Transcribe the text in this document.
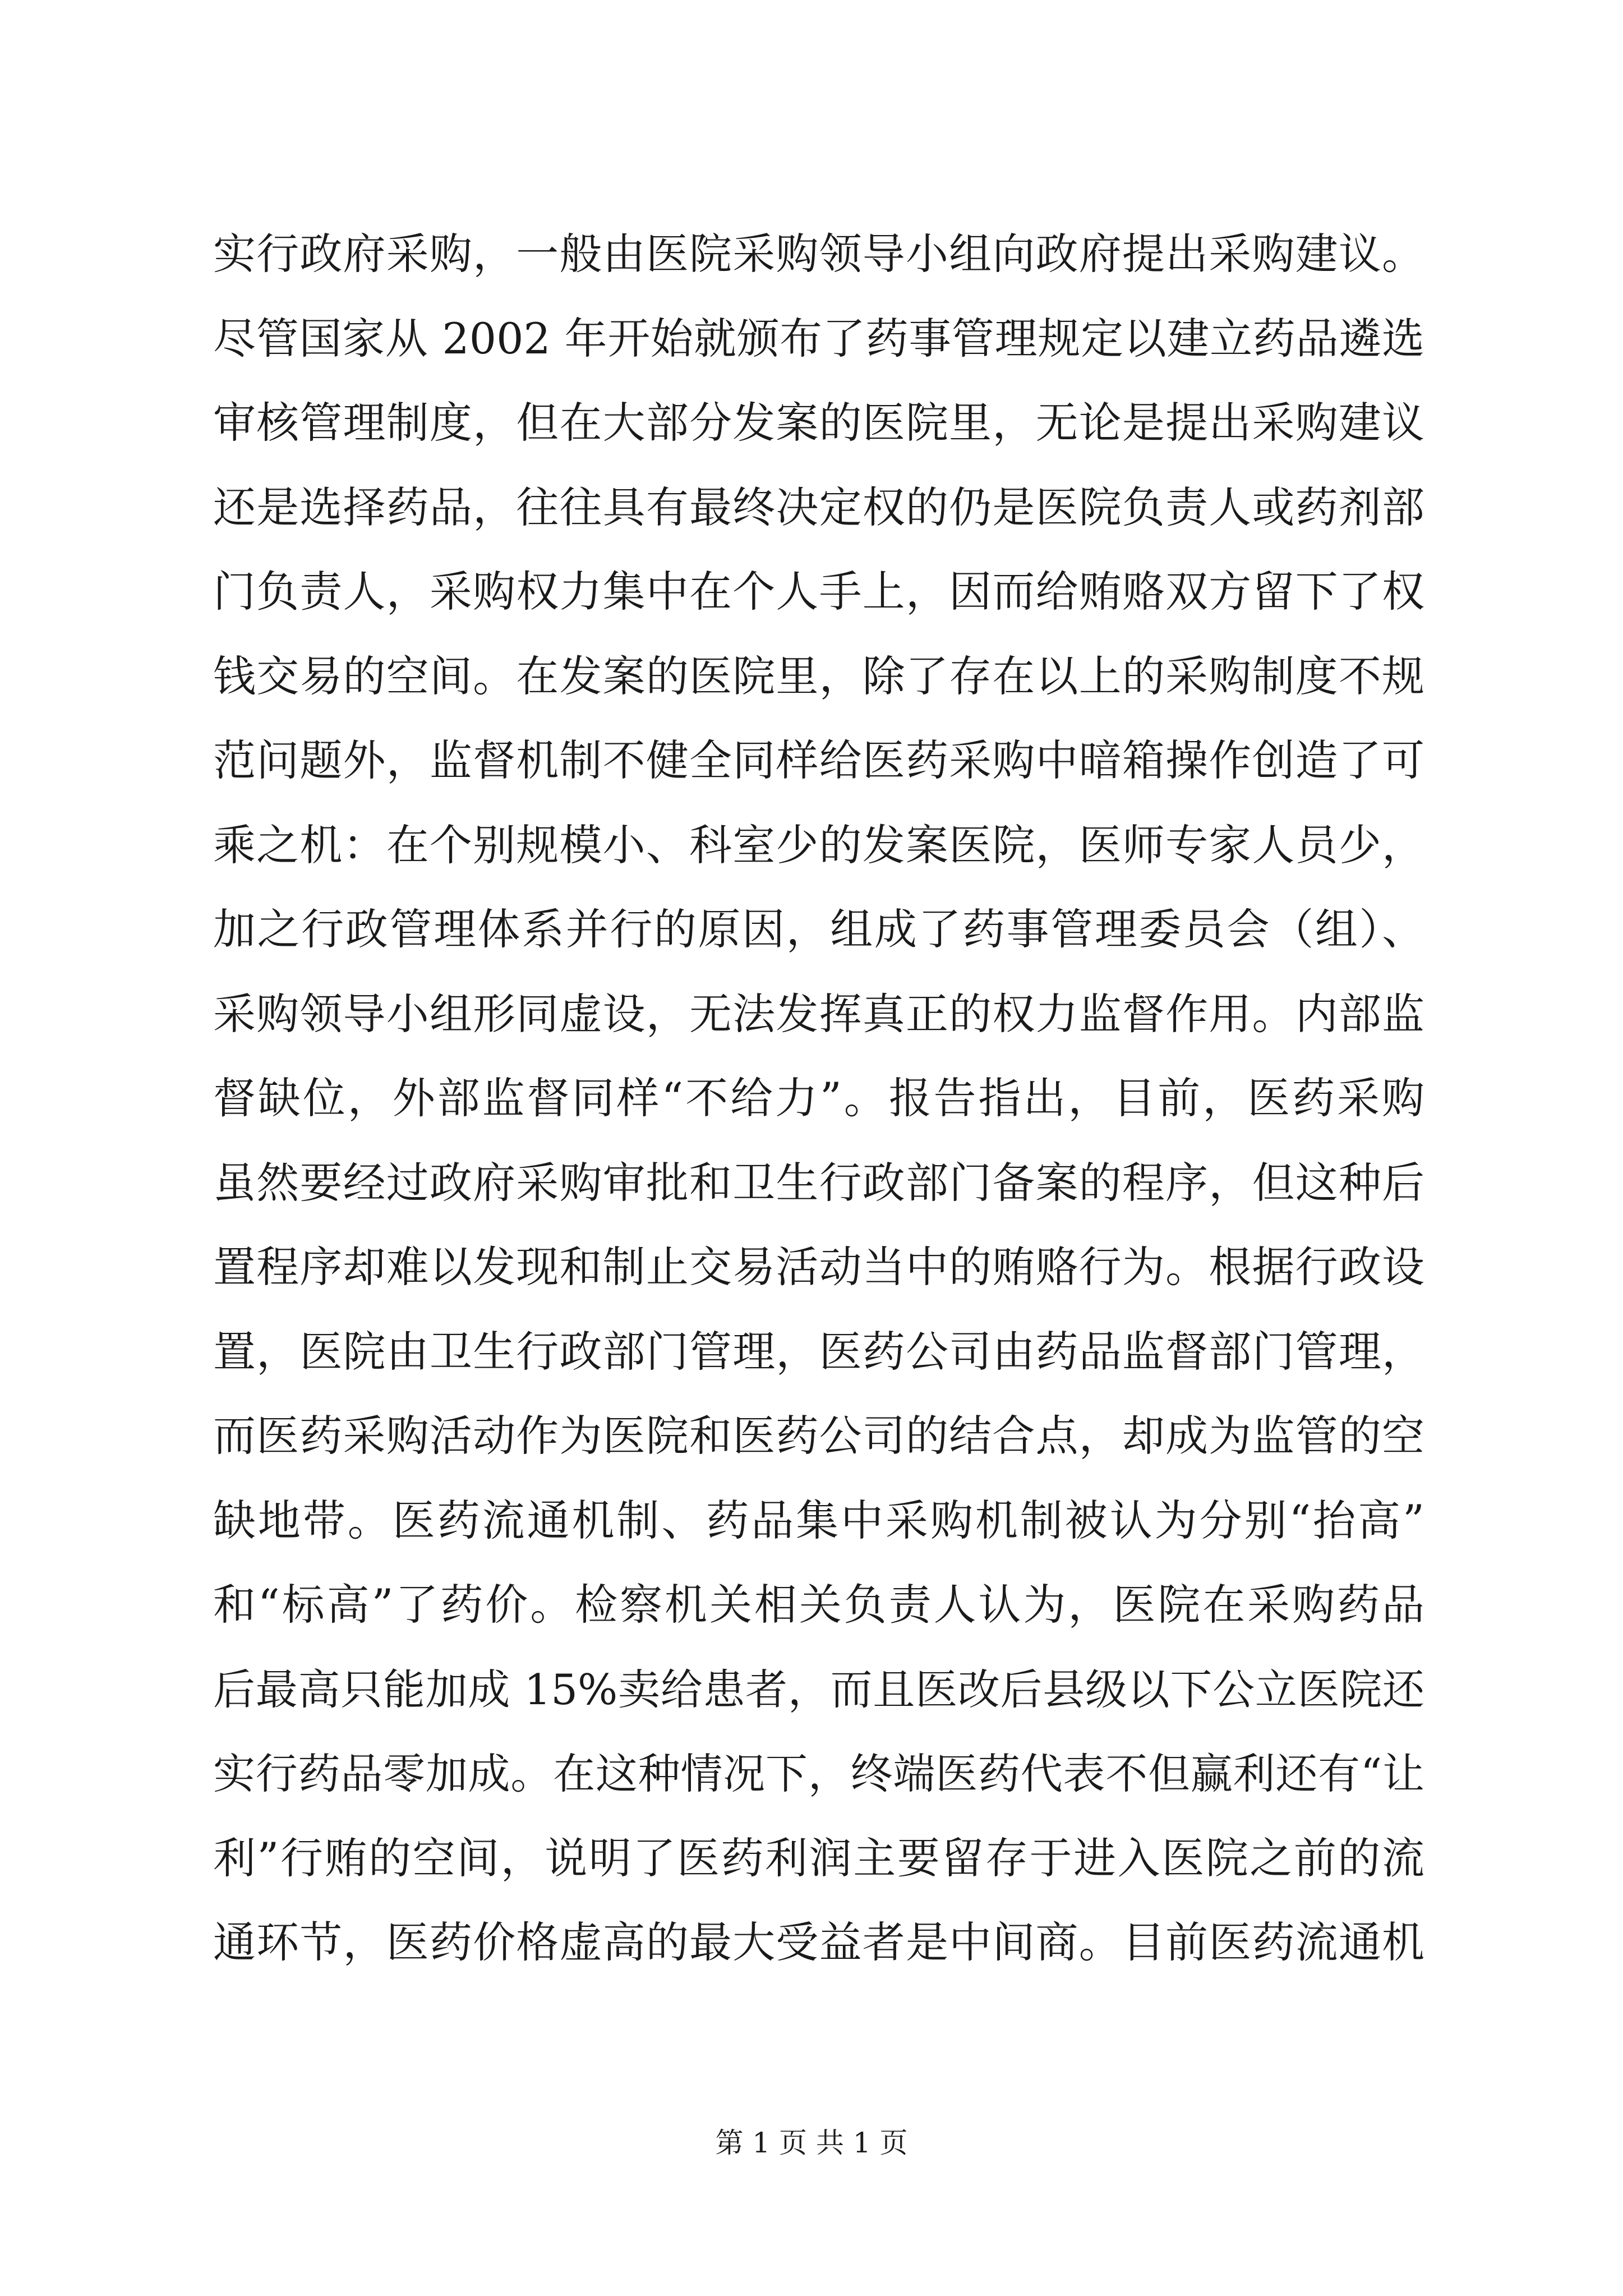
实行政府采购，一般由医院采购领导小组向政府提出采购建议。
尽管国家从 2002 年开始就颁布了药事管理规定以建立药品遴选
审核管理制度，但在大部分发案的医院里，无论是提出采购建议
还是选择药品，往往具有最终决定权的仍是医院负责人或药剂部
门负责人，采购权力集中在个人手上，因而给贿赂双方留下了权
钱交易的空间。在发案的医院里，除了存在以上的采购制度不规
范问题外，监督机制不健全同样给医药采购中暗箱操作创造了可
乘之机：在个别规模小、科室少的发案医院，医师专家人员少，
加之行政管理体系并行的原因，组成了药事管理委员会（组）、
采购领导小组形同虚设，无法发挥真正的权力监督作用。内部监
督缺位，外部监督同样“不给力”。报告指出，目前，医药采购
虽然要经过政府采购审批和卫生行政部门备案的程序，但这种后
置程序却难以发现和制止交易活动当中的贿赂行为。根据行政设
置，医院由卫生行政部门管理，医药公司由药品监督部门管理，
而医药采购活动作为医院和医药公司的结合点，却成为监管的空
缺地带。医药流通机制、药品集中采购机制被认为分别“抬高”
和“标高”了药价。检察机关相关负责人认为，医院在采购药品
后最高只能加成 15%卖给患者，而且医改后县级以下公立医院还
实行药品零加成。在这种情况下，终端医药代表不但赢利还有“让
利”行贿的空间，说明了医药利润主要留存于进入医院之前的流
通环节，医药价格虚高的最大受益者是中间商。目前医药流通机
第 1 页 共 1 页
